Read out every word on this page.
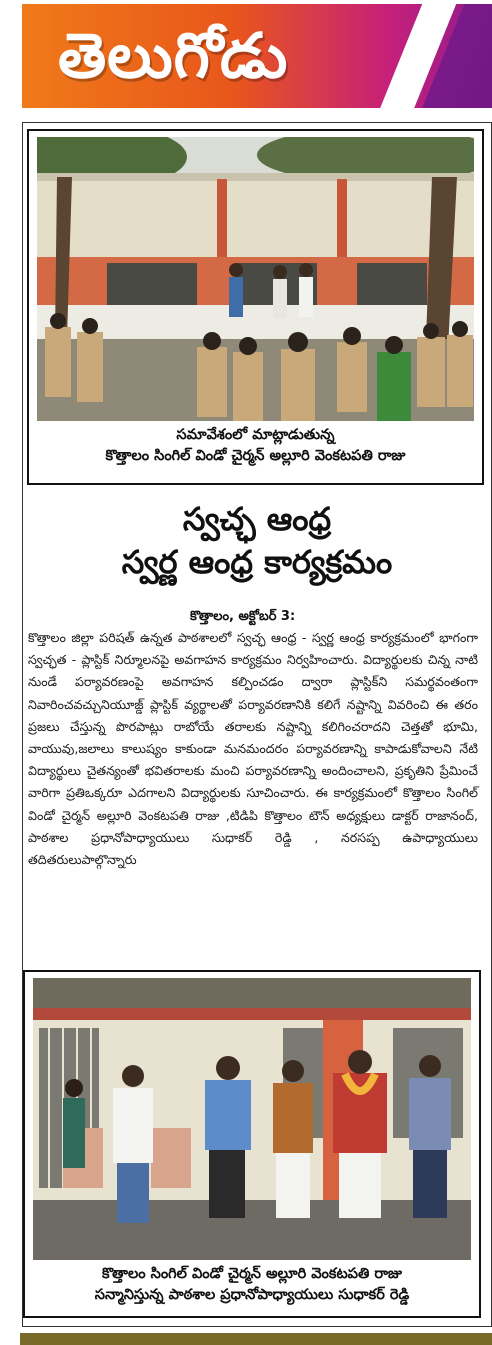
తెలుగోడు
సమావేశంలో మాట్లాడుతున్న
కొత్తాలం సింగిల్ విండో చైర్మన్ అల్లూరి వెంకటపతి రాజు
స్వచ్ఛ ఆంధ్ర
స్వర్ణ ఆంధ్ర కార్యక్రమం
కొత్తాలం, అక్టోబర్ 3:
కొత్తాలం జిల్లా పరిషత్ ఉన్నత పాఠశాలలో స్వచ్ఛ ఆంధ్ర - స్వర్ణ ఆంధ్ర కార్యక్రమంలో భాగంగా స్వచ్ఛత - ప్లాస్టిక్ నిర్మూలనపై అవగాహన కార్యక్రమం నిర్వహించారు. విద్యార్థులకు చిన్న నాటి నుండే పర్యావరణంపై అవగాహన కల్పించడం ద్వారా ప్లాస్టిక్‌ని సమర్థవంతంగా నివారించవచ్చునియూజ్డ్ ప్లాస్టిక్ వ్యర్థాలతో పర్యావరణానికి కలిగే నష్టాన్ని వివరించి ఈ తరం ప్రజలు చేస్తున్న పొరపాట్లు రాబోయే తరాలకు నష్టాన్ని కలిగించరాదని చెత్తతో భూమి, వాయువు,జలాలు కాలుష్యం కాకుండా మనమందరం పర్యావరణాన్ని కాపాడుకోవాలని నేటి విద్యార్థులు చైతన్యంతో భవితరాలకు మంచి పర్యావరణాన్ని అందించాలని, ప్రకృతిని ప్రేమించే వారిగా ప్రతిఒక్కరూ ఎదగాలని విద్యార్థులకు సూచించారు. ఈ కార్యక్రమంలో కొత్తాలం సింగిల్ విండో చైర్మన్ అల్లూరి వెంకటపతి రాజు ,టిడిపి కొత్తాలం టౌన్ అధ్యక్షులు డాక్టర్ రాజానంద్, పాఠశాల ప్రధానోపాధ్యాయులు సుధాకర్ రెడ్డి , నరసప్ప ఉపాధ్యాయులు తదితరులుపాల్గొన్నారు
కొత్తాలం సింగిల్ విండో చైర్మన్ అల్లూరి వెంకటపతి రాజు
సన్మానిస్తున్న పాఠశాల ప్రధానోపాధ్యాయులు సుధాకర్ రెడ్డి
